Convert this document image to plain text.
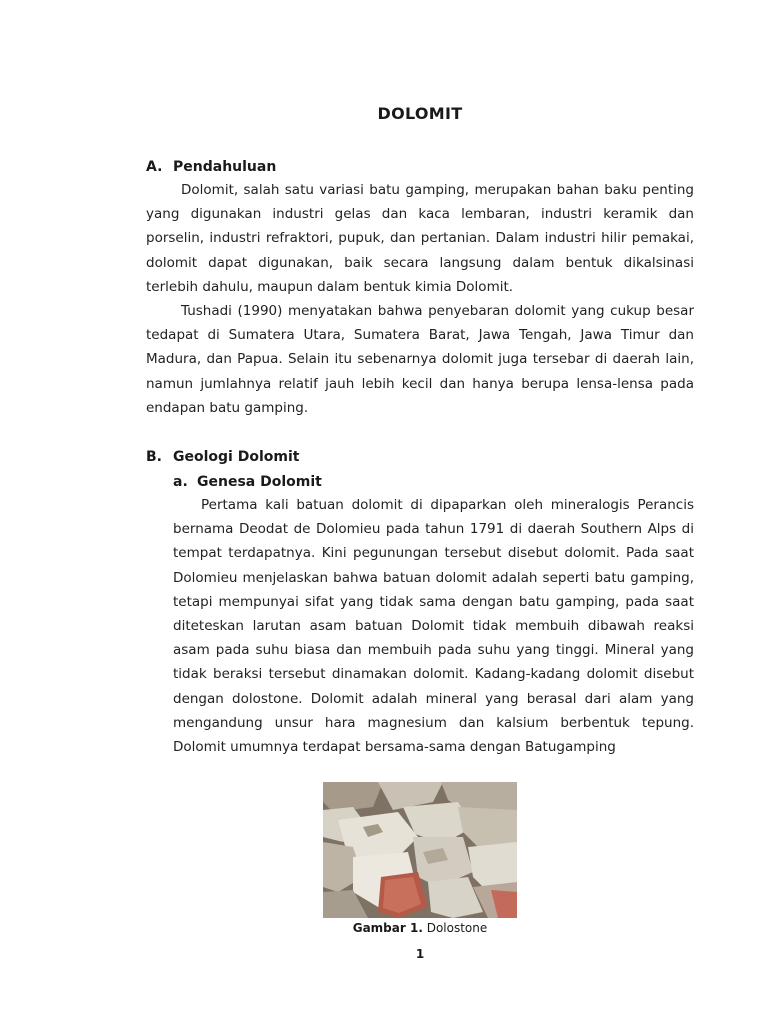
DOLOMIT
A. Pendahuluan

Dolomit, salah satu variasi batu gamping, merupakan bahan baku penting yang digunakan industri gelas dan kaca lembaran, industri keramik dan porselin, industri refraktori, pupuk, dan pertanian. Dalam industri hilir pemakai, dolomit dapat digunakan, baik secara langsung dalam bentuk dikalsinasi terlebih dahulu, maupun dalam bentuk kimia Dolomit.

Tushadi (1990) menyatakan bahwa penyebaran dolomit yang cukup besar tedapat di Sumatera Utara, Sumatera Barat, Jawa Tengah, Jawa Timur dan Madura, dan Papua. Selain itu sebenarnya dolomit juga tersebar di daerah lain, namun jumlahnya relatif jauh lebih kecil dan hanya berupa lensa-lensa pada endapan batu gamping.

B. Geologi Dolomit
a. Genesa Dolomit

Pertama kali batuan dolomit di dipaparkan oleh mineralogis Perancis bernama Deodat de Dolomieu pada tahun 1791 di daerah Southern Alps di tempat terdapatnya. Kini pegunungan tersebut disebut dolomit. Pada saat Dolomieu menjelaskan bahwa batuan dolomit adalah seperti batu gamping, tetapi mempunyai sifat yang tidak sama dengan batu gamping, pada saat diteteskan larutan asam batuan Dolomit tidak membuih dibawah reaksi asam pada suhu biasa dan membuih pada suhu yang tinggi. Mineral yang tidak beraksi tersebut dinamakan dolomit. Kadang-kadang dolomit disebut dengan dolostone. Dolomit adalah mineral yang berasal dari alam yang mengandung unsur hara magnesium dan kalsium berbentuk tepung. Dolomit umumnya terdapat bersama-sama dengan Batugamping

Gambar 1. Dolostone
1
